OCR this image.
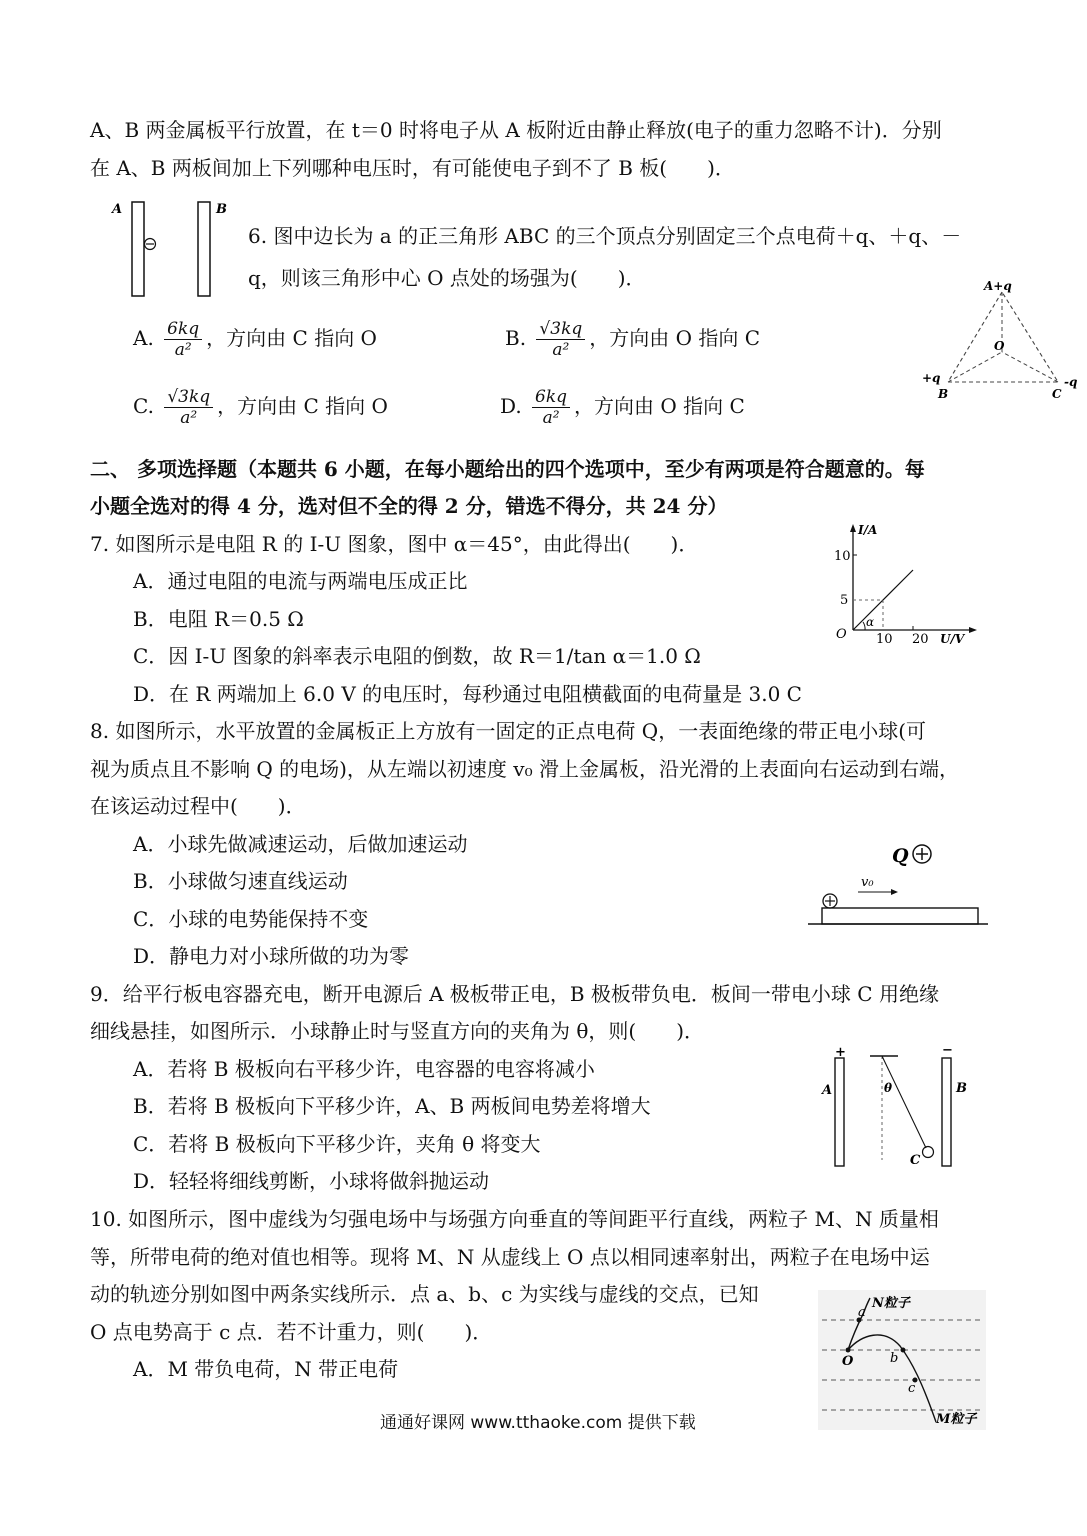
A、B 两金属板平行放置，在 t＝0 时将电子从 A 板附近由静止释放(电子的重力忽略不计)．分别
在 A、B 两板间加上下列哪种电压时，有可能使电子到不了 B 板(　　)．
A	B
6. 图中边长为 a 的正三角形 ABC 的三个顶点分别固定三个点电荷＋q、＋q、－
q，则该三角形中心 O 点处的场强为(　　)．
A. $\frac{6kq}{\text{a²}}$ ，方向由 C 指向 O	B. $\frac{√3kq}{\text{a²}}$ ，方向由 O 指向 C
C. $\frac{√3kq}{\text{a²}}$ ，方向由 C 指向 O	D. $\frac{6kq}{\text{a²}}$ ，方向由 O 指向 C
A+q
O
+q
B	C
-q
二、 多项选择题（本题共 6 小题，在每小题给出的四个选项中，至少有两项是符合题意的。每
小题全选对的得 4 分，选对但不全的得 2 分，错选不得分，共 24 分）
7. 如图所示是电阻 R 的 I-U 图象，图中 α＝45°，由此得出(　　)．
A．通过电阻的电流与两端电压成正比
B．电阻 R＝0.5 Ω
C．因 I-U 图象的斜率表示电阻的倒数，故 R＝1/tan α＝1.0 Ω
D．在 R 两端加上 6.0 V 的电压时，每秒通过电阻横截面的电荷量是 3.0 C
I/A
10
5
O
α
10 20 U/V
8. 如图所示，水平放置的金属板正上方放有一固定的正点电荷 Q，一表面绝缘的带正电小球(可
视为质点且不影响 Q 的电场)，从左端以初速度 v₀ 滑上金属板，沿光滑的上表面向右运动到右端，
在该运动过程中(　　)．
A．小球先做减速运动，后做加速运动
B．小球做匀速直线运动
C．小球的电势能保持不变
D．静电力对小球所做的功为零
Q
v₀
9．给平行板电容器充电，断开电源后 A 极板带正电，B 极板带负电．板间一带电小球 C 用绝缘
细线悬挂，如图所示．小球静止时与竖直方向的夹角为 θ，则(　　)．
A．若将 B 极板向右平移少许，电容器的电容将减小
B．若将 B 极板向下平移少许，A、B 两板间电势差将增大
C．若将 B 极板向下平移少许，夹角 θ 将变大
D．轻轻将细线剪断，小球将做斜抛运动
+
A	θ
C
−
B
10. 如图所示，图中虚线为匀强电场中与场强方向垂直的等间距平行直线，两粒子 M、N 质量相
等，所带电荷的绝对值也相等。现将 M、N 从虚线上 O 点以相同速率射出，两粒子在电场中运
动的轨迹分别如图中两条实线所示．点 a、b、c 为实线与虚线的交点，已知
O 点电势高于 c 点．若不计重力，则(　　)．
A．M 带负电荷，N 带正电荷
N粒子
a
O	b
c
M粒子
通通好课网 www.tthaoke.com 提供下载
